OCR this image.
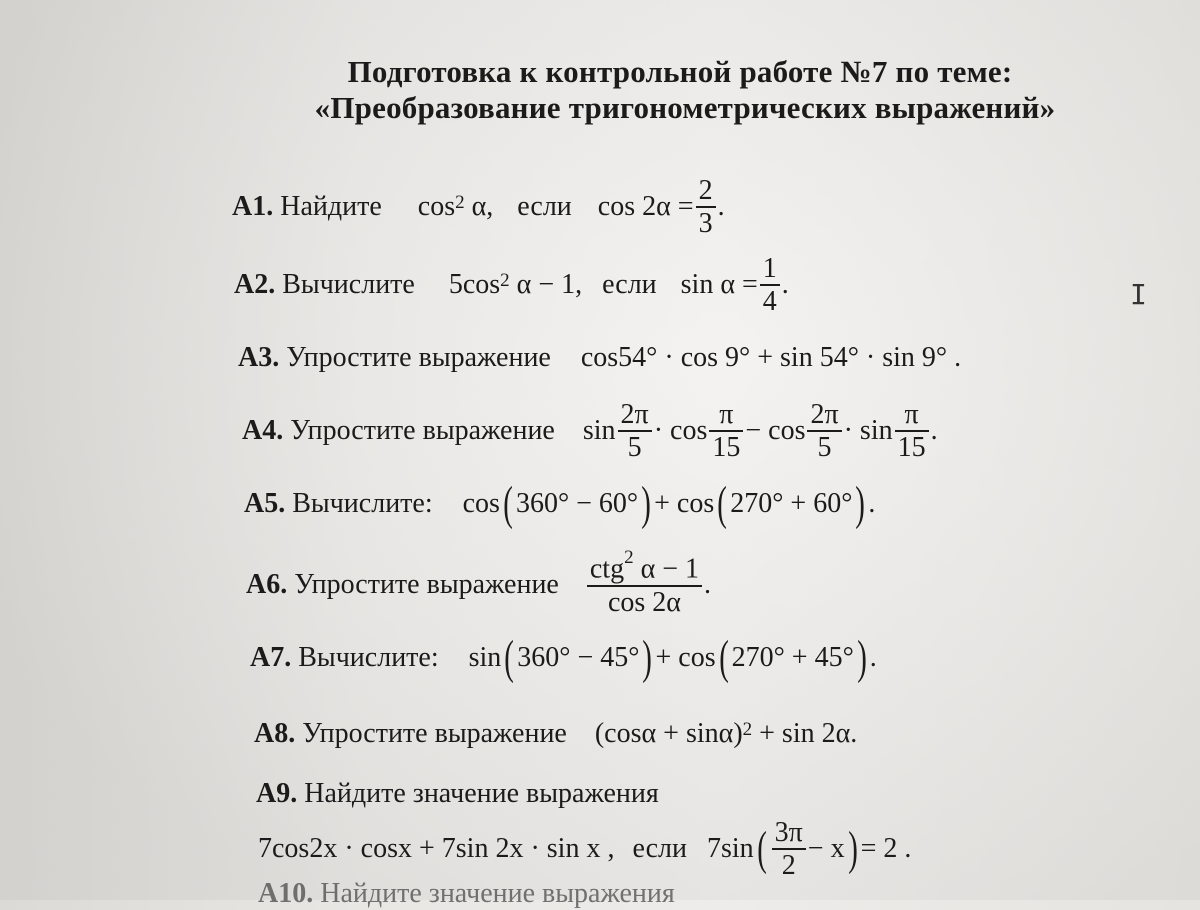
Подготовка к контрольной работе №7 по теме:
«Преобразование тригонометрических выражений»
А1.
Найдите $\cos^2$
α, если $\cos 2\alpha = \frac{2}{3}$ .
А2.
Вычислите $5\cos^2$
α − 1, если $\sin \alpha = \frac{1}{4}$ .
А3.
Упростите выражение cos54° · cos 9° + sin 54° · sin 9° .
А4.
Упростите выражение $\sin \frac{2\pi}{5} \cdot \cos \frac{\pi}{15} - \cos \frac{2\pi}{5} \cdot \sin \frac{\pi}{15}$ .
А5.
Вычислите: cos ( 360° − 60° ) + cos ( 270° + 60° ) .
А6.
Упростите выражение $\frac{ctg^2 \alpha - 1}{\cos 2\alpha}$ .
А7.
Вычислите: sin ( 360° − 45° ) + cos ( 270° + 45° ) .
А8.
Упростите выражение $(\cos\alpha + \sin\alpha)^2$
+ sin 2α.
А9.
Найдите значение выражения
7cos2x · cosx + 7sin 2x · sin x , если 7sin ( $\frac{3\pi}{2} - x$ ) = 2 .
А10.
Найдите значение выражения
I
